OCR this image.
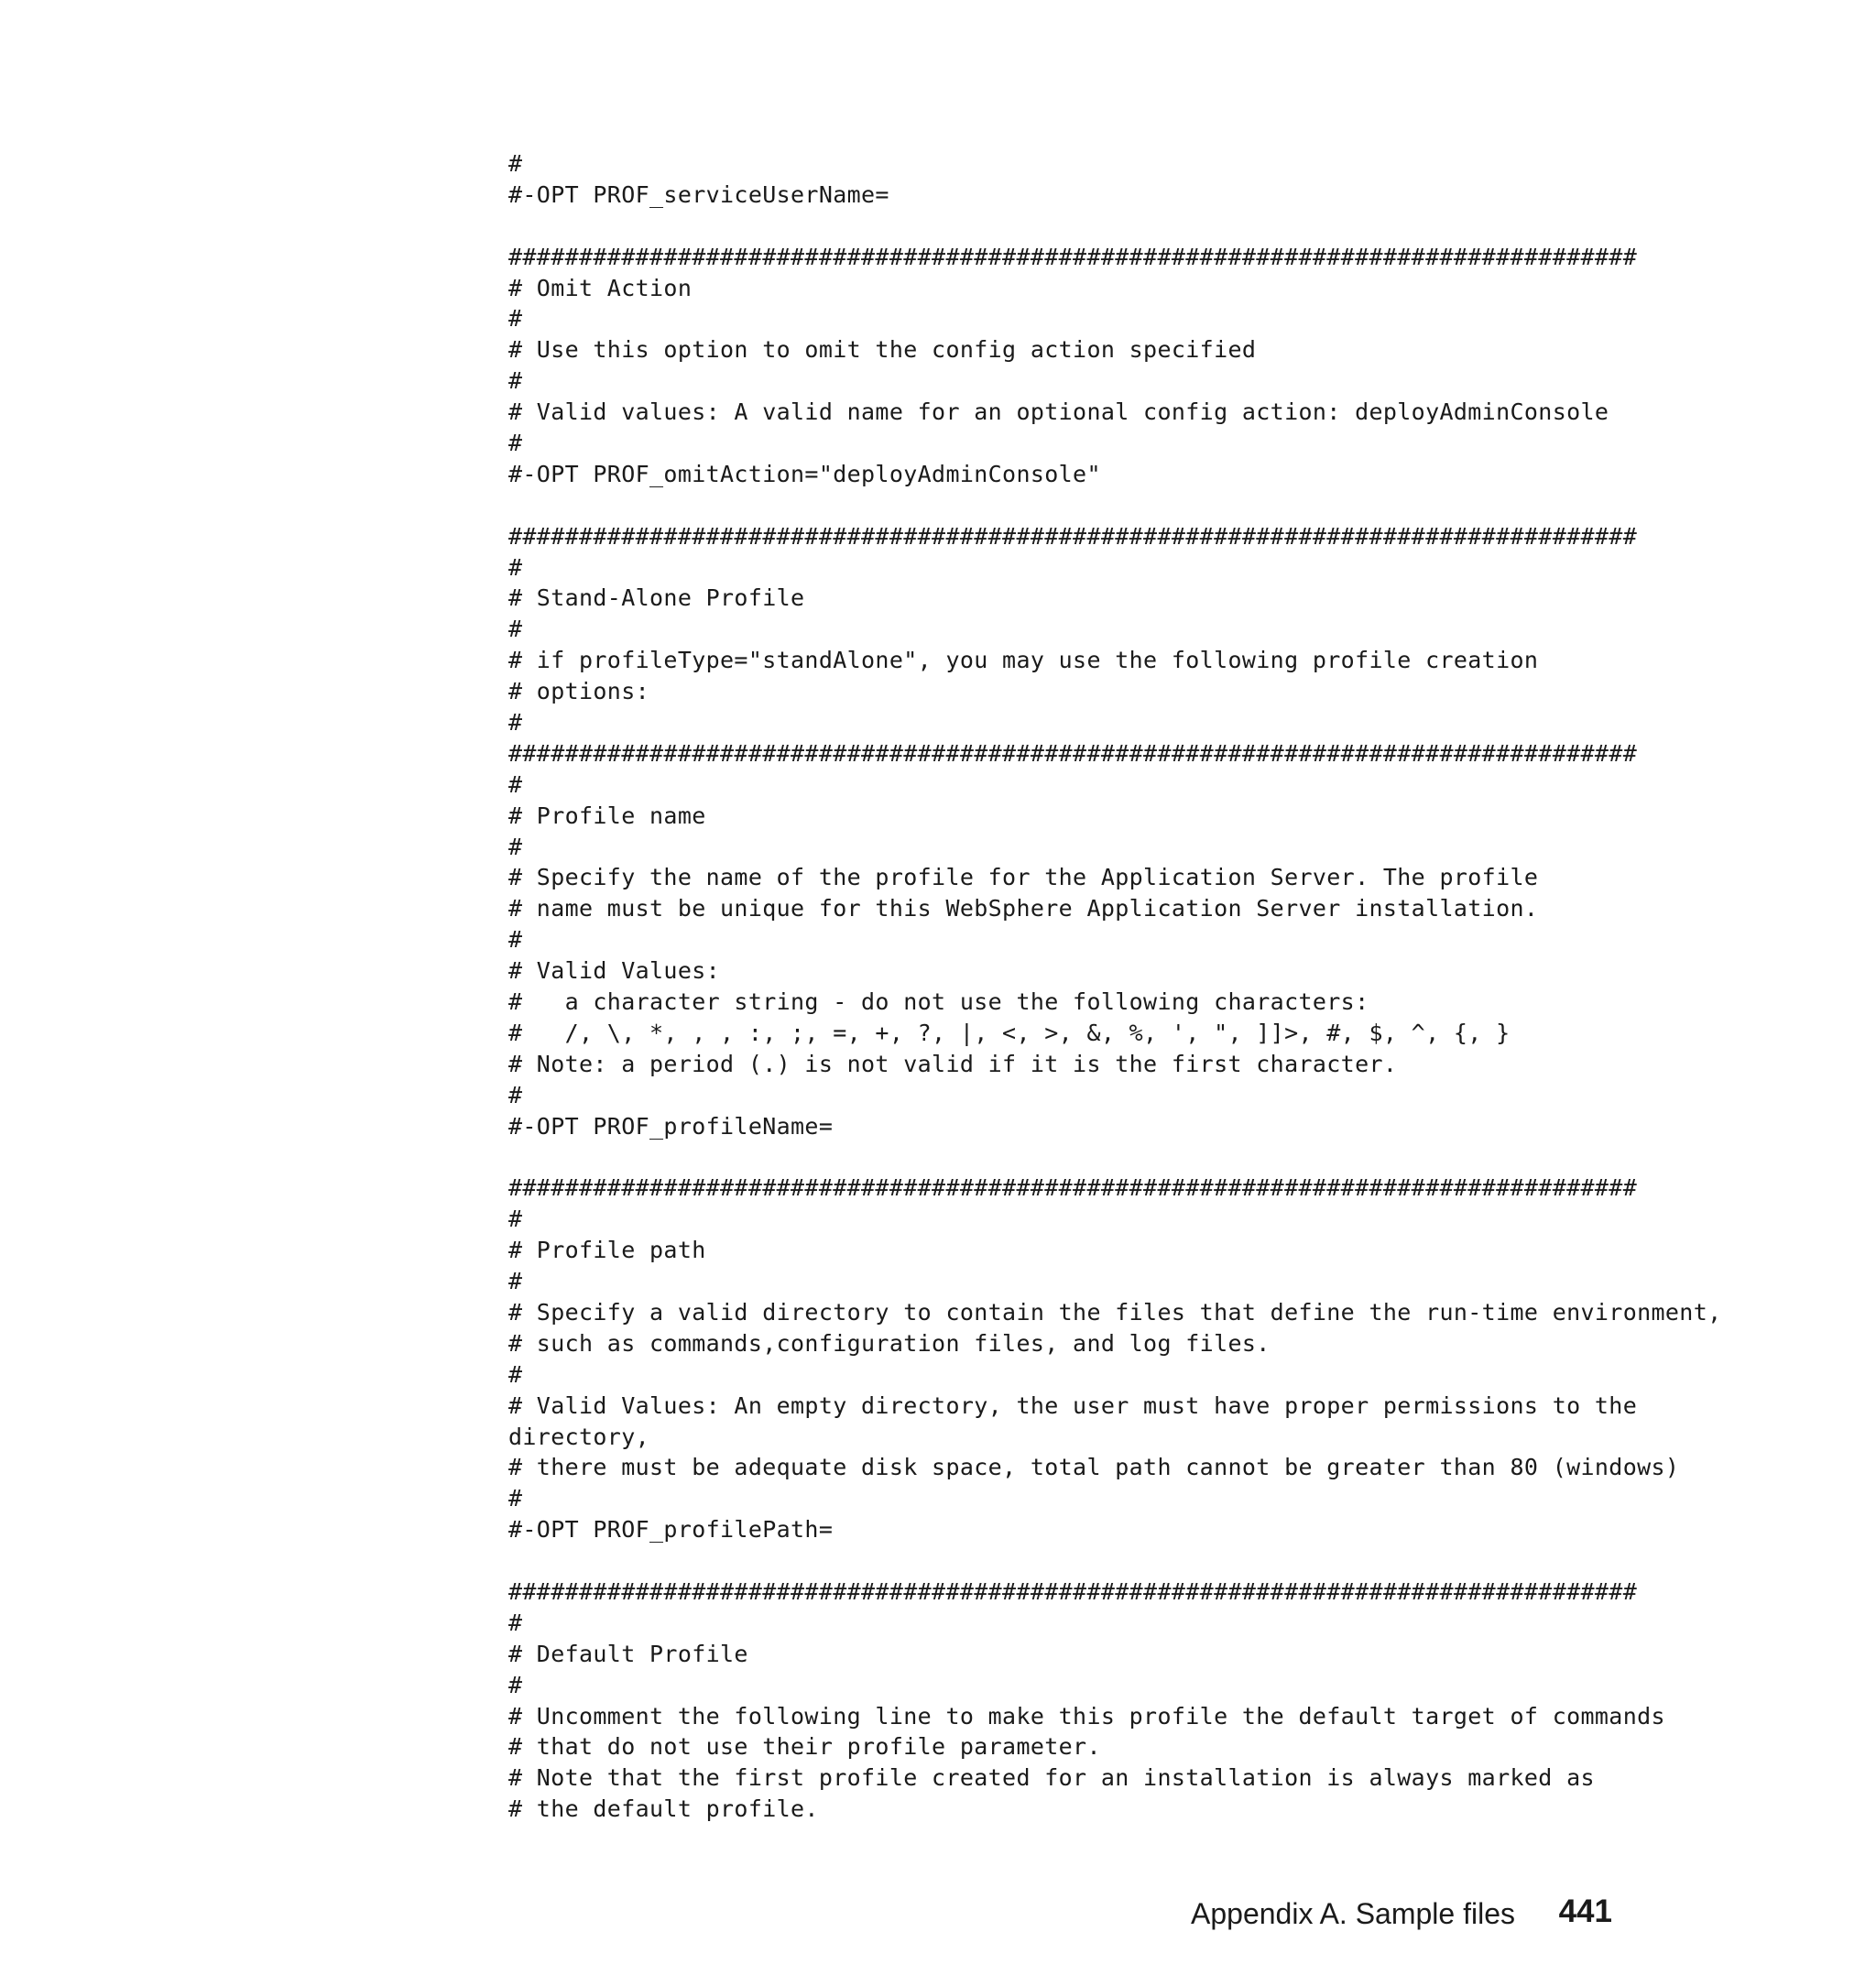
#
#-OPT PROF_serviceUserName=
################################################################################
# Omit Action
#
# Use this option to omit the config action specified
#
# Valid values: A valid name for an optional config action: deployAdminConsole
#
#-OPT PROF_omitAction="deployAdminConsole"
################################################################################
#
# Stand-Alone Profile
#
# if profileType="standAlone", you may use the following profile creation
# options:
#
################################################################################
#
# Profile name
#
# Specify the name of the profile for the Application Server. The profile
# name must be unique for this WebSphere Application Server installation.
#
# Valid Values:
#   a character string - do not use the following characters:
#   /, \, *, , , :, ;, =, +, ?, |, <, >, &, %, ', ", ]]>, #, $, ^, {, }
# Note: a period (.) is not valid if it is the first character.
#
#-OPT PROF_profileName=
################################################################################
#
# Profile path
#
# Specify a valid directory to contain the files that define the run-time environment,
# such as commands,configuration files, and log files.
#
# Valid Values: An empty directory, the user must have proper permissions to the
directory,
# there must be adequate disk space, total path cannot be greater than 80 (windows)
#
#-OPT PROF_profilePath=
################################################################################
#
# Default Profile
#
# Uncomment the following line to make this profile the default target of commands
# that do not use their profile parameter.
# Note that the first profile created for an installation is always marked as
# the default profile.
Appendix A. Sample files 441
